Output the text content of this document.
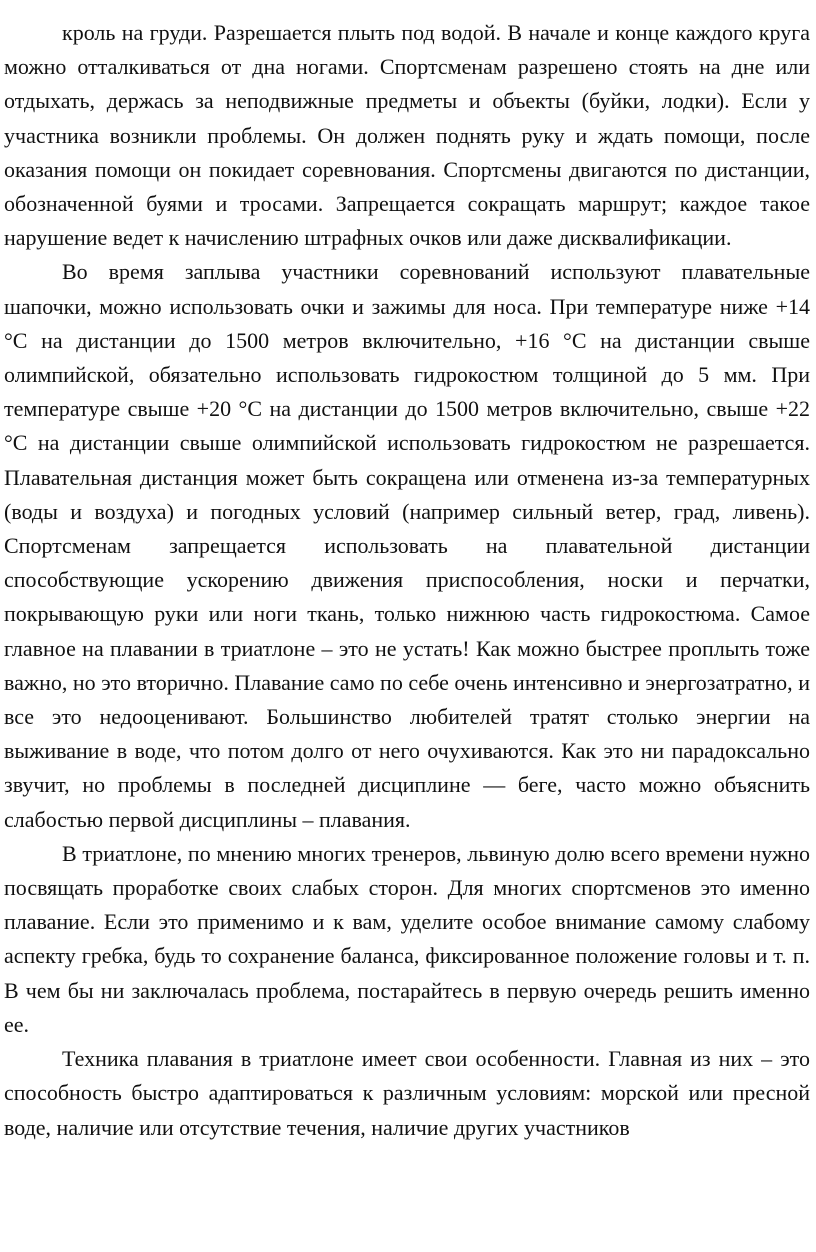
кроль на груди. Разрешается плыть под водой. В начале и конце каждого круга можно отталкиваться от дна ногами. Спортсменам разрешено стоять на дне или отдыхать, держась за неподвижные предметы и объекты (буйки, лодки). Если у участника возникли проблемы. Он должен поднять руку и ждать помощи, после оказания помощи он покидает соревнования. Спортсмены двигаются по дистанции, обозначенной буями и тросами. Запрещается сокращать маршрут; каждое такое нарушение ведет к начислению штрафных очков или даже дисквалификации.

Во время заплыва участники соревнований используют плавательные шапочки, можно использовать очки и зажимы для носа. При температуре ниже +14 °С на дистанции до 1500 метров включительно, +16 °С на дистанции свыше олимпийской, обязательно использовать гидрокостюм толщиной до 5 мм. При температуре свыше +20 °С на дистанции до 1500 метров включительно, свыше +22 °С на дистанции свыше олимпийской использовать гидрокостюм не разрешается. Плавательная дистанция может быть сокращена или отменена из-за температурных (воды и воздуха) и погодных условий (например сильный ветер, град, ливень). Спортсменам запрещается использовать на плавательной дистанции способствующие ускорению движения приспособления, носки и перчатки, покрывающую руки или ноги ткань, только нижнюю часть гидрокостюма. Самое главное на плавании в триатлоне – это не устать! Как можно быстрее проплыть тоже важно, но это вторично. Плавание само по себе очень интенсивно и энергозатратно, и все это недооценивают. Большинство любителей тратят столько энергии на выживание в воде, что потом долго от него очухиваются. Как это ни парадоксально звучит, но проблемы в последней дисциплине — беге, часто можно объяснить слабостью первой дисциплины – плавания.

В триатлоне, по мнению многих тренеров, львиную долю всего времени нужно посвящать проработке своих слабых сторон. Для многих спортсменов это именно плавание. Если это применимо и к вам, уделите особое внимание самому слабому аспекту гребка, будь то сохранение баланса, фиксированное положение головы и т. п. В чем бы ни заключалась проблема, постарайтесь в первую очередь решить именно ее.

Техника плавания в триатлоне имеет свои особенности. Главная из них – это способность быстро адаптироваться к различным условиям: морской или пресной воде, наличие или отсутствие течения, наличие других участников
